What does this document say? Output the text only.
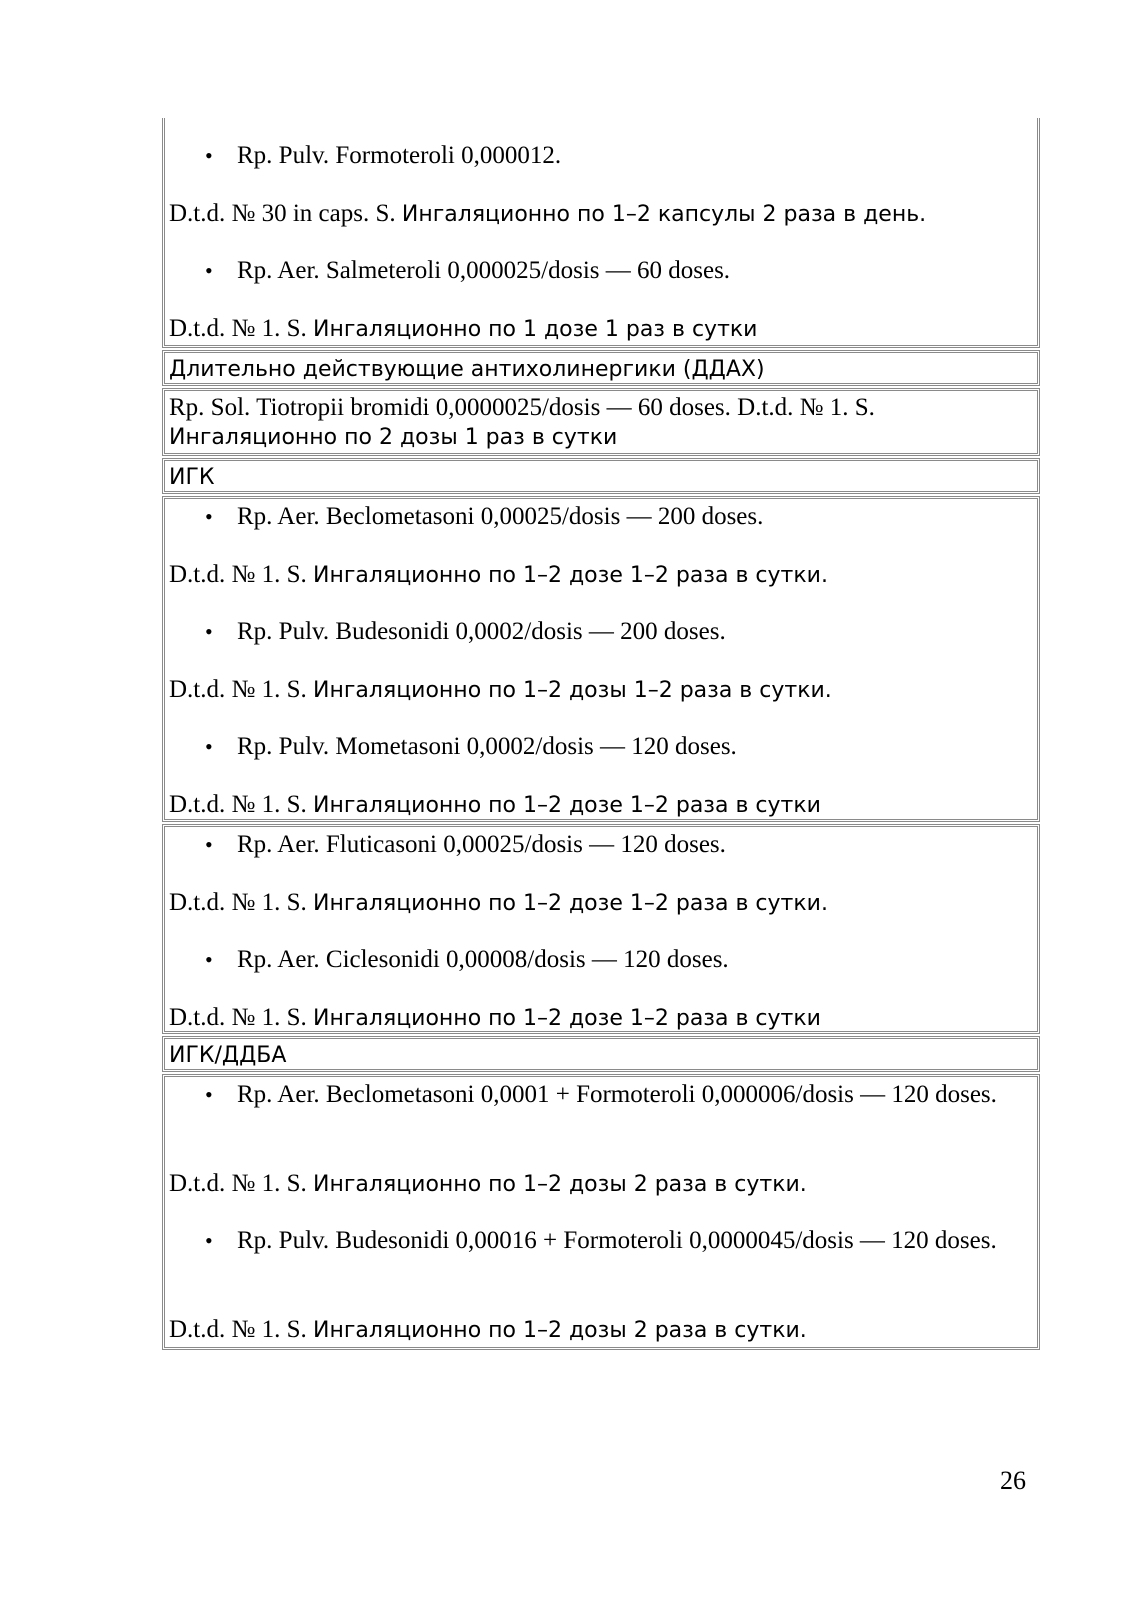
• Rp. Pulv. Formoteroli 0,000012.
D.t.d. № 30 in caps. S. Ингаляционно по 1–2 капсулы 2 раза в день.
• Rp. Aer. Salmeteroli 0,000025/dosis — 60 doses.
D.t.d. № 1. S. Ингаляционно по 1 дозе 1 раз в сутки
Длительно действующие антихолинергики (ДДАХ)
Rp. Sol. Tiotropii bromidi 0,0000025/dosis — 60 doses. D.t.d. № 1. S.
Ингаляционно по 2 дозы 1 раз в сутки
ИГК
• Rp. Aer. Beclometasoni 0,00025/dosis — 200 doses.
D.t.d. № 1. S. Ингаляционно по 1–2 дозе 1–2 раза в сутки.
• Rp. Pulv. Budesonidi 0,0002/dosis — 200 doses.
D.t.d. № 1. S. Ингаляционно по 1–2 дозы 1–2 раза в сутки.
• Rp. Pulv. Mometasoni 0,0002/dosis — 120 doses.
D.t.d. № 1. S. Ингаляционно по 1–2 дозе 1–2 раза в сутки
• Rp. Aer. Fluticasoni 0,00025/dosis — 120 doses.
D.t.d. № 1. S. Ингаляционно по 1–2 дозе 1–2 раза в сутки.
• Rp. Aer. Ciclesonidi 0,00008/dosis — 120 doses.
D.t.d. № 1. S. Ингаляционно по 1–2 дозе 1–2 раза в сутки
ИГК/ДДБА
• Rp. Aer. Beclometasoni 0,0001 + Formoteroli 0,000006/dosis — 120 doses.
D.t.d. № 1. S. Ингаляционно по 1–2 дозы 2 раза в сутки.
• Rp. Pulv. Budesonidi 0,00016 + Formoteroli 0,0000045/dosis — 120 doses.
D.t.d. № 1. S. Ингаляционно по 1–2 дозы 2 раза в сутки.
26
